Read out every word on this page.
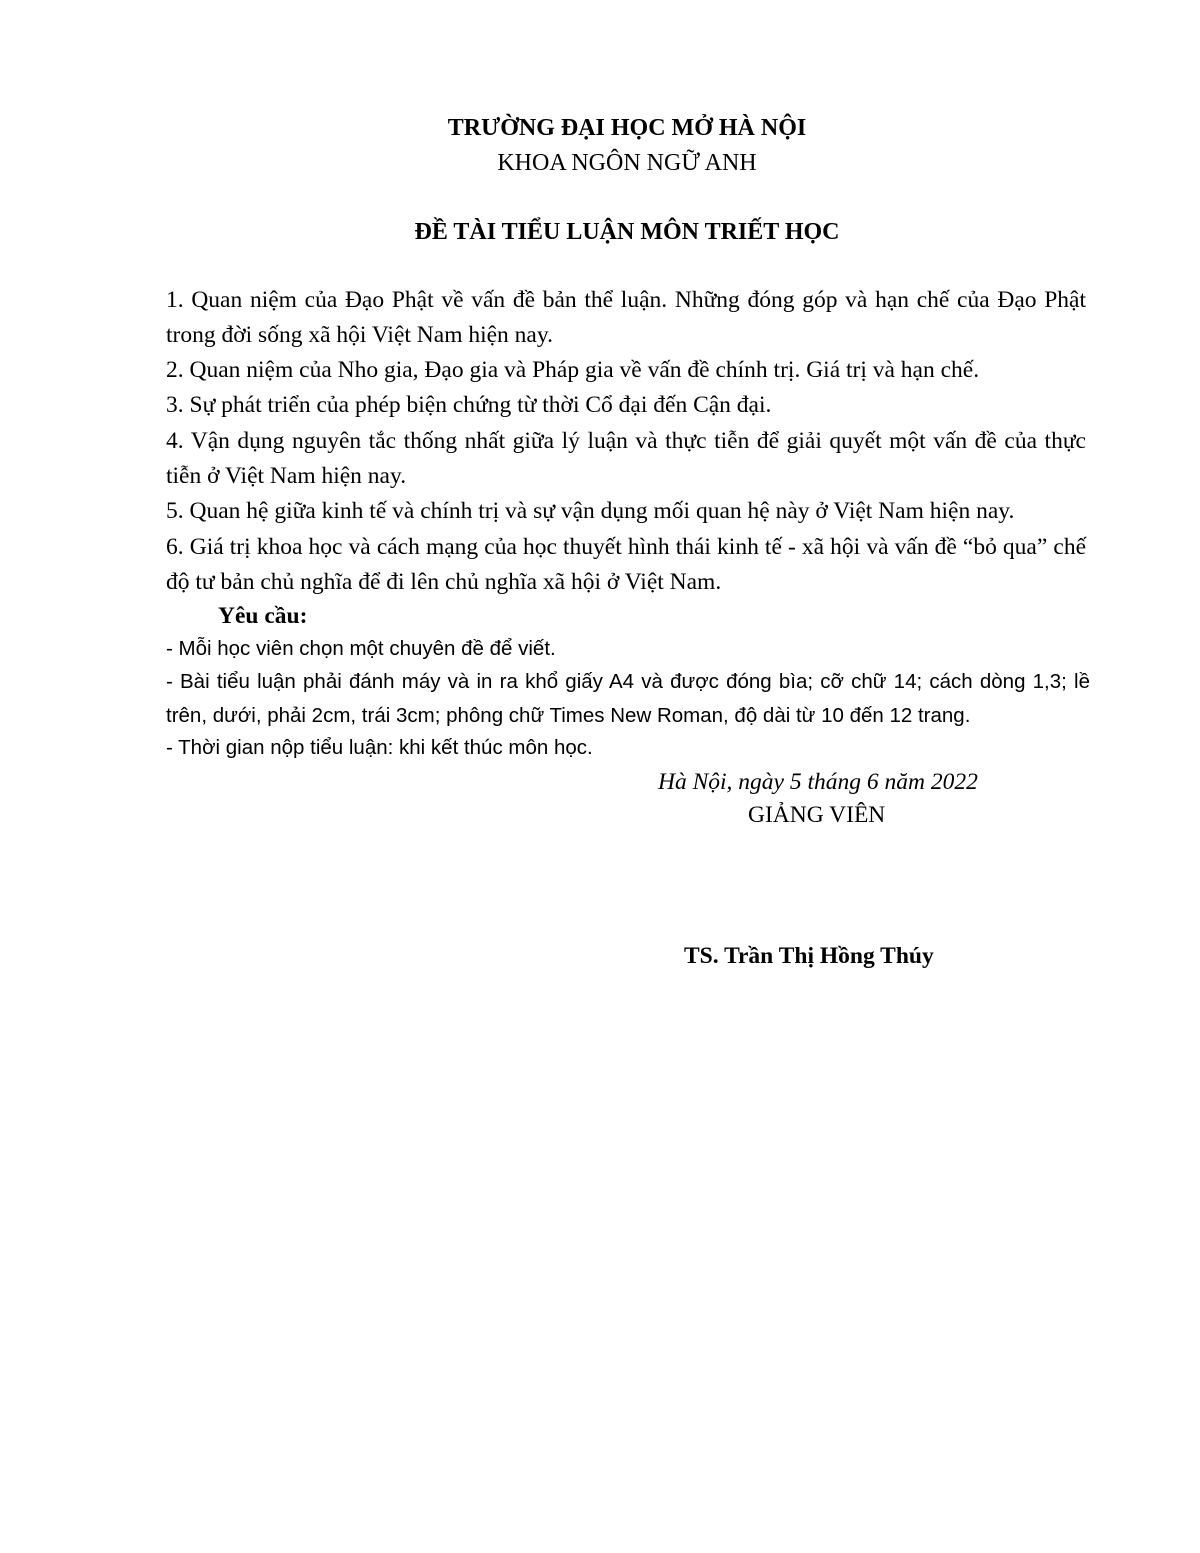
TRƯỜNG ĐẠI HỌC MỞ HÀ NỘI
KHOA NGÔN NGỮ ANH
ĐỀ TÀI TIỂU LUẬN MÔN TRIẾT HỌC
1. Quan niệm của Đạo Phật về vấn đề bản thể luận. Những đóng góp và hạn chế của Đạo Phật trong đời sống xã hội Việt Nam hiện nay.
2. Quan niệm của Nho gia, Đạo gia và Pháp gia về vấn đề chính trị. Giá trị và hạn chế.
3. Sự phát triển của phép biện chứng từ thời Cổ đại đến Cận đại.
4. Vận dụng nguyên tắc thống nhất giữa lý luận và thực tiễn để giải quyết một vấn đề của thực tiễn ở Việt Nam hiện nay.
5. Quan hệ giữa kinh tế và chính trị và sự vận dụng mối quan hệ này ở Việt Nam hiện nay.
6. Giá trị khoa học và cách mạng của học thuyết hình thái kinh tế - xã hội và vấn đề “bỏ qua” chế độ tư bản chủ nghĩa để đi lên chủ nghĩa xã hội ở Việt Nam.
Yêu cầu:
- Mỗi học viên chọn một chuyên đề để viết.
- Bài tiểu luận phải đánh máy và in ra khổ giấy A4 và được đóng bìa; cỡ chữ 14; cách dòng 1,3; lề trên, dưới, phải 2cm, trái 3cm; phông chữ Times New Roman, độ dài từ 10 đến 12 trang.
- Thời gian nộp tiểu luận: khi kết thúc môn học.
Hà Nội, ngày 5 tháng 6 năm 2022
GIẢNG VIÊN
TS. Trần Thị Hồng Thúy
